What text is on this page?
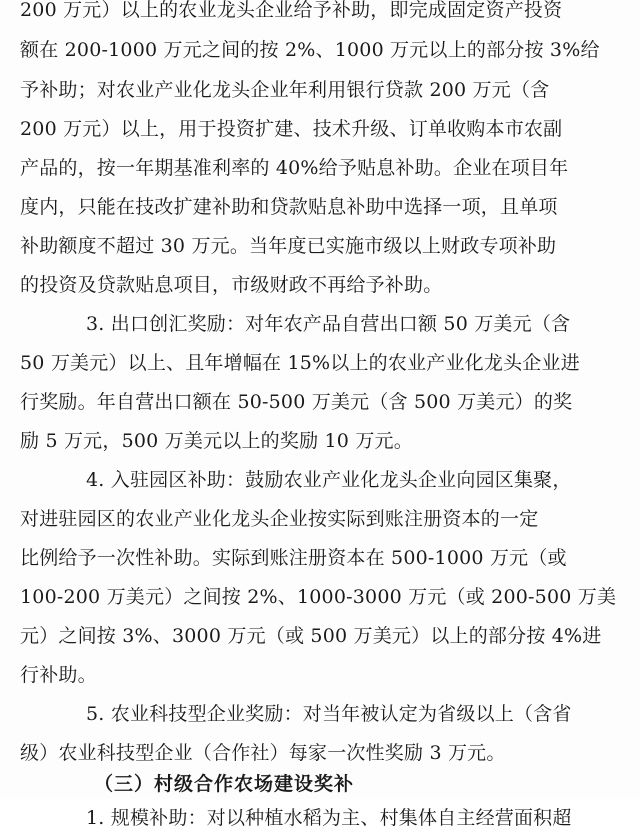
200 万元）以上的农业龙头企业给予补助，即完成固定资产投资
额在 200-1000 万元之间的按 2%、1000 万元以上的部分按 3%给
予补助；对农业产业化龙头企业年利用银行贷款 200 万元（含
200 万元）以上，用于投资扩建、技术升级、订单收购本市农副
产品的，按一年期基准利率的 40%给予贴息补助。企业在项目年
度内，只能在技改扩建补助和贷款贴息补助中选择一项，且单项
补助额度不超过 30 万元。当年度已实施市级以上财政专项补助
的投资及贷款贴息项目，市级财政不再给予补助。
3. 出口创汇奖励：对年农产品自营出口额 50 万美元（含
50 万美元）以上、且年增幅在 15%以上的农业产业化龙头企业进
行奖励。年自营出口额在 50-500 万美元（含 500 万美元）的奖
励 5 万元，500 万美元以上的奖励 10 万元。
4. 入驻园区补助：鼓励农业产业化龙头企业向园区集聚，
对进驻园区的农业产业化龙头企业按实际到账注册资本的一定
比例给予一次性补助。实际到账注册资本在 500-1000 万元（或
100-200 万美元）之间按 2%、1000-3000 万元（或 200-500 万美
元）之间按 3%、3000 万元（或 500 万美元）以上的部分按 4%进
行补助。
5. 农业科技型企业奖励：对当年被认定为省级以上（含省
级）农业科技型企业（合作社）每家一次性奖励 3 万元。
（三）村级合作农场建设奖补
1. 规模补助：对以种植水稻为主、村集体自主经营面积超
